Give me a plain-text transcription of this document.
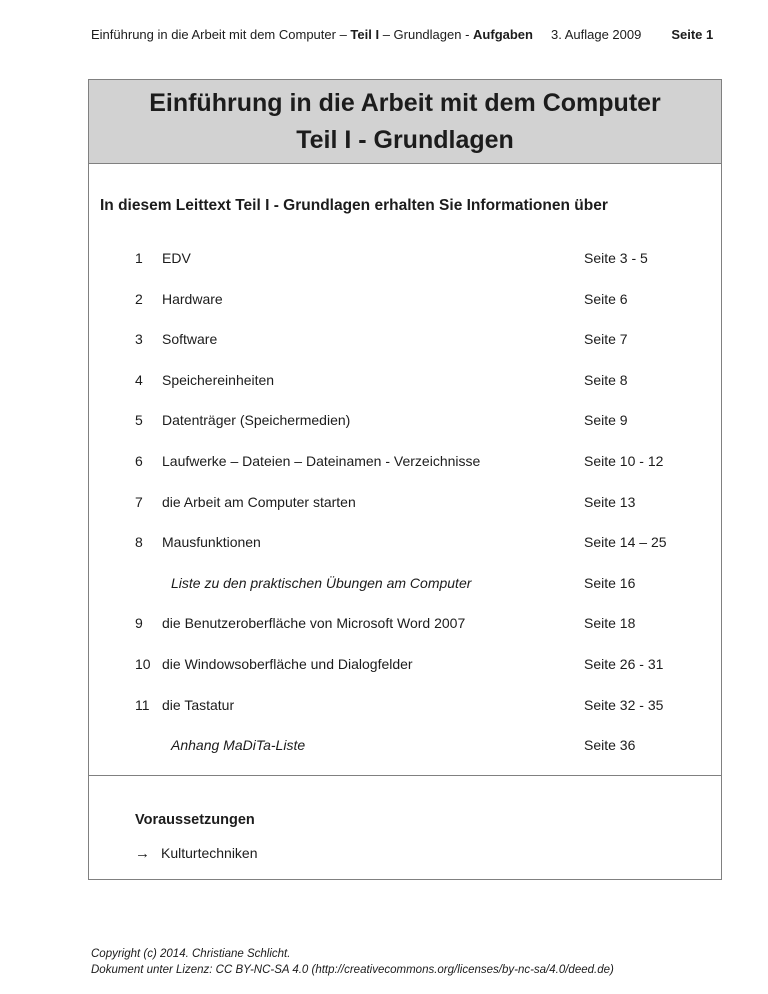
Einführung in die Arbeit mit dem Computer – Teil I – Grundlagen - Aufgaben 3. Auflage 2009 Seite 1
Einführung in die Arbeit mit dem Computer
Teil I - Grundlagen
In diesem Leittext Teil I - Grundlagen erhalten Sie Informationen über
1	EDV	Seite 3 - 5
2	Hardware	Seite 6
3	Software	Seite 7
4	Speichereinheiten	Seite 8
5	Datenträger (Speichermedien)	Seite 9
6	Laufwerke – Dateien – Dateinamen - Verzeichnisse	Seite 10 - 12
7	die Arbeit am Computer starten	Seite 13
8	Mausfunktionen	Seite 14 – 25
Liste zu den praktischen Übungen am Computer	Seite 16
9	die Benutzeroberfläche von Microsoft Word 2007	Seite 18
10 die Windowsoberfläche und Dialogfelder	Seite 26 - 31
11 die Tastatur	Seite 32 - 35
Anhang MaDiTa-Liste	Seite 36
Voraussetzungen
→ Kulturtechniken
Copyright (c) 2014. Christiane Schlicht.
Dokument unter Lizenz: CC BY-NC-SA 4.0 (http://creativecommons.org/licenses/by-nc-sa/4.0/deed.de)
